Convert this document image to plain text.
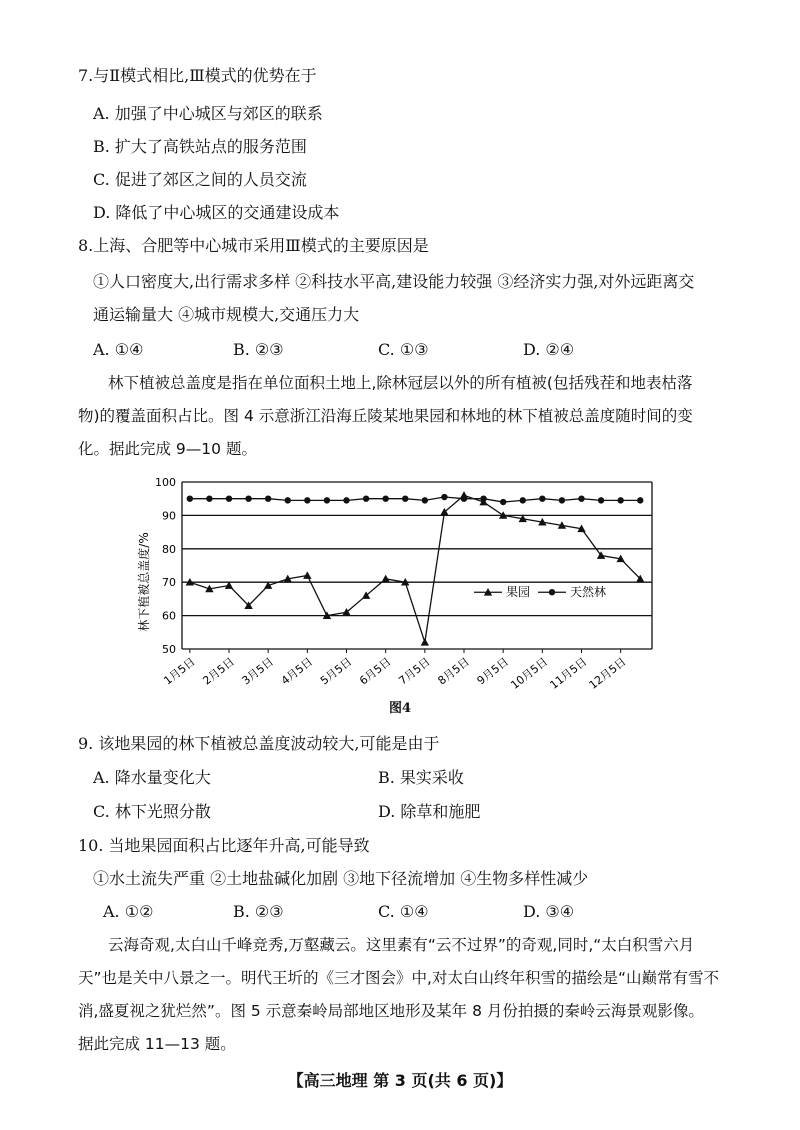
7.与Ⅱ模式相比,Ⅲ模式的优势在于
A. 加强了中心城区与郊区的联系
B. 扩大了高铁站点的服务范围
C. 促进了郊区之间的人员交流
D. 降低了中心城区的交通建设成本
8.上海、合肥等中心城市采用Ⅲ模式的主要原因是
①人口密度大,出行需求多样 ②科技水平高,建设能力较强 ③经济实力强,对外远距离交
通运输量大 ④城市规模大,交通压力大
A. ①④	B. ②③	C. ①③	D. ②④
林下植被总盖度是指在单位面积土地上,除林冠层以外的所有植被(包括残茬和地表枯落
物)的覆盖面积占比。图 4 示意浙江沿海丘陵某地果园和林地的林下植被总盖度随时间的变
化。据此完成 9—10 题。
50
60
70
80
90
100
1月5日 2月5日 3月5日 4月5日 5月5日 6月5日 7月5日 8月5日 9月5日
10月5日
11月5日
12月5日
林下植被总盖度/%	果园	天然林
图4
9. 该地果园的林下植被总盖度波动较大,可能是由于
A. 降水量变化大	B. 果实采收
C. 林下光照分散	D. 除草和施肥
10. 当地果园面积占比逐年升高,可能导致
①水土流失严重 ②土地盐碱化加剧 ③地下径流增加 ④生物多样性减少
A. ①②	B. ②③	C. ①④	D. ③④
云海奇观,太白山千峰竞秀,万壑藏云。这里素有“云不过界”的奇观,同时,“太白积雪六月
天”也是关中八景之一。明代王圻的《三才图会》中,对太白山终年积雪的描绘是“山巅常有雪不
消,盛夏视之犹烂然”。图 5 示意秦岭局部地区地形及某年 8 月份拍摄的秦岭云海景观影像。
据此完成 11—13 题。
【高三地理 第 3 页(共 6 页)】
